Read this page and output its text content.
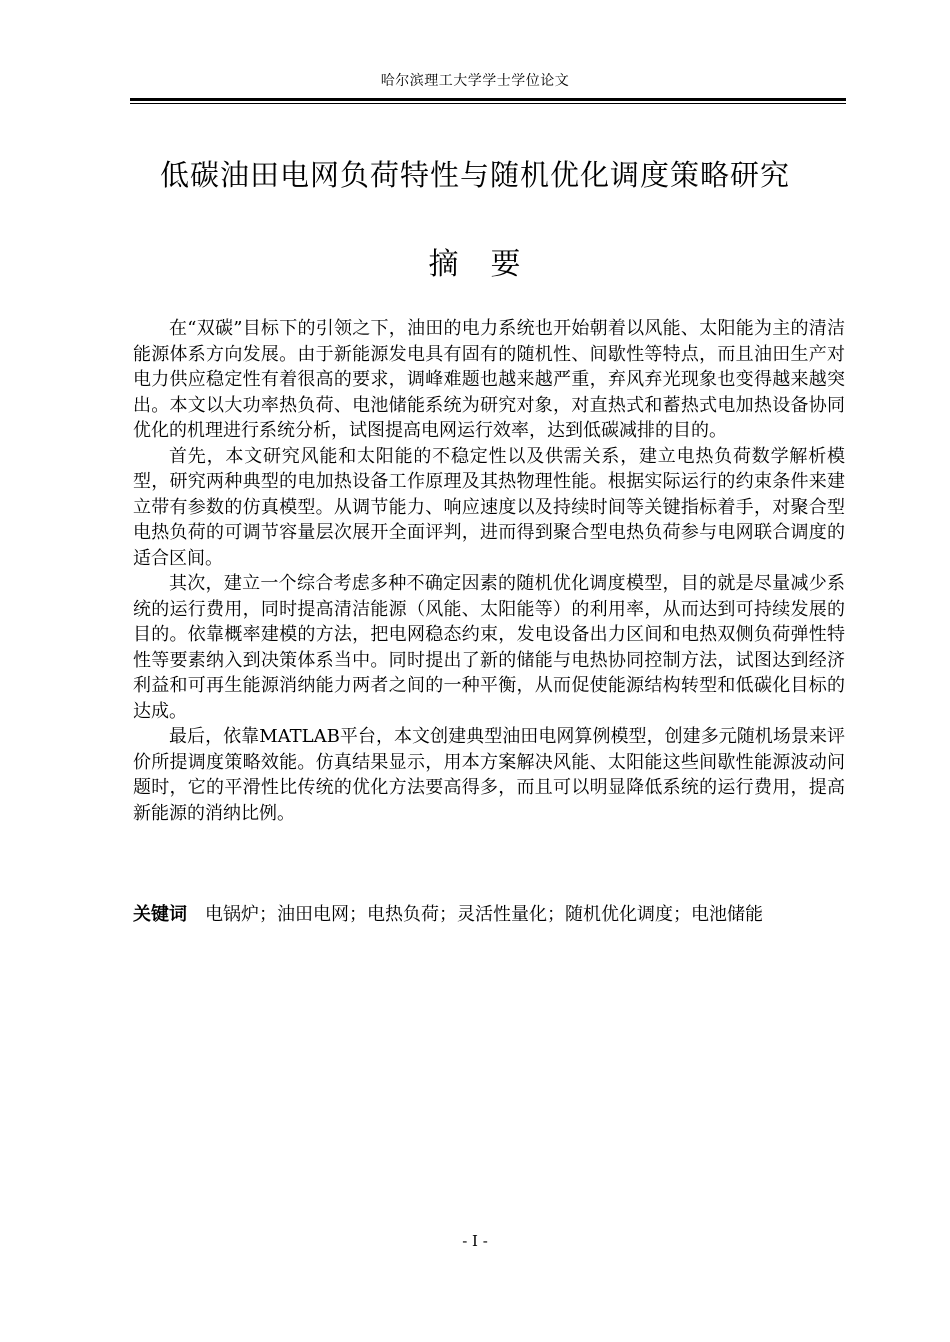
哈尔滨理工大学学士学位论文
低碳油田电网负荷特性与随机优化调度策略研究
摘　要

在“双碳”目标下的引领之下，油田的电力系统也开始朝着以风能、太阳能为主的清洁能源体系方向发展。由于新能源发电具有固有的随机性、间歇性等特点，而且油田生产对电力供应稳定性有着很高的要求，调峰难题也越来越严重，弃风弃光现象也变得越来越突出。本文以大功率热负荷、电池储能系统为研究对象，对直热式和蓄热式电加热设备协同优化的机理进行系统分析，试图提高电网运行效率，达到低碳减排的目的。

首先，本文研究风能和太阳能的不稳定性以及供需关系，建立电热负荷数学解析模型，研究两种典型的电加热设备工作原理及其热物理性能。根据实际运行的约束条件来建立带有参数的仿真模型。从调节能力、响应速度以及持续时间等关键指标着手，对聚合型电热负荷的可调节容量层次展开全面评判，进而得到聚合型电热负荷参与电网联合调度的适合区间。

其次，建立一个综合考虑多种不确定因素的随机优化调度模型，目的就是尽量减少系统的运行费用，同时提高清洁能源（风能、太阳能等）的利用率，从而达到可持续发展的目的。依靠概率建模的方法，把电网稳态约束，发电设备出力区间和电热双侧负荷弹性特性等要素纳入到决策体系当中。同时提出了新的储能与电热协同控制方法，试图达到经济利益和可再生能源消纳能力两者之间的一种平衡，从而促使能源结构转型和低碳化目标的达成。

最后，依靠MATLAB平台，本文创建典型油田电网算例模型，创建多元随机场景来评价所提调度策略效能。仿真结果显示，用本方案解决风能、太阳能这些间歇性能源波动问题时，它的平滑性比传统的优化方法要高得多，而且可以明显降低系统的运行费用，提高新能源的消纳比例。

关键词 电锅炉；油田电网；电热负荷；灵活性量化；随机优化调度；电池储能
- I -
